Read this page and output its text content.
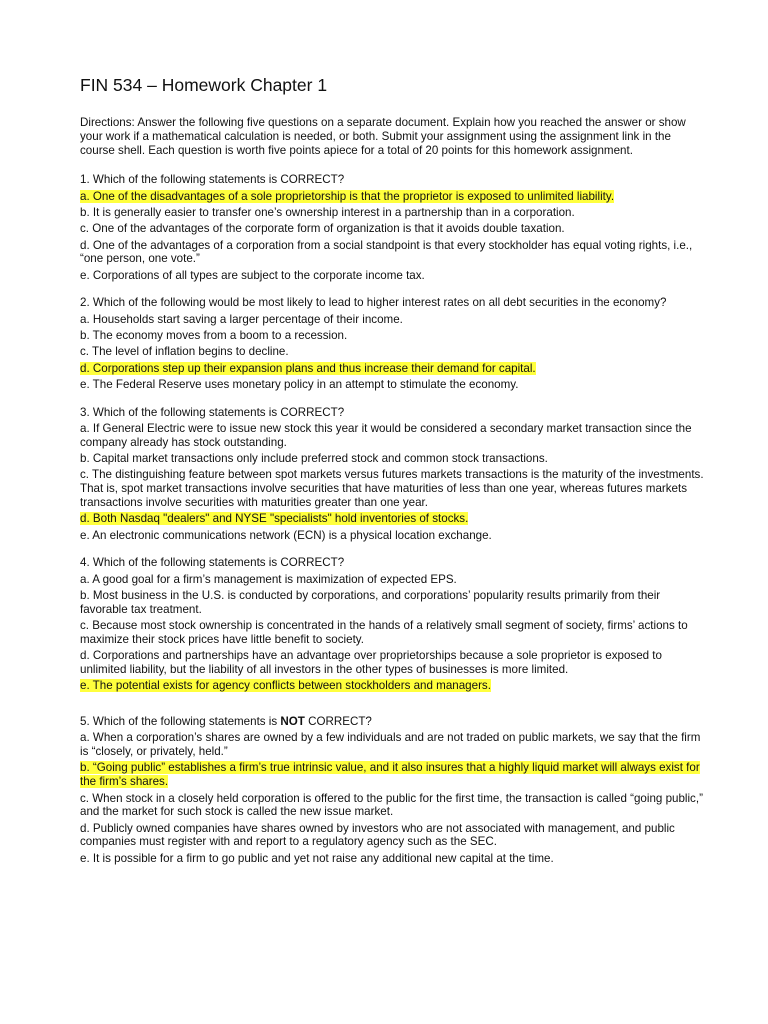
FIN 534 – Homework Chapter 1

Directions: Answer the following five questions on a separate document. Explain how you reached the answer or show your work if a mathematical calculation is needed, or both. Submit your assignment using the assignment link in the course shell. Each question is worth five points apiece for a total of 20 points for this homework assignment.

1. Which of the following statements is CORRECT?

a. One of the disadvantages of a sole proprietorship is that the proprietor is exposed to unlimited liability.

b. It is generally easier to transfer one’s ownership interest in a partnership than in a corporation.

c. One of the advantages of the corporate form of organization is that it avoids double taxation.

d. One of the advantages of a corporation from a social standpoint is that every stockholder has equal voting rights, i.e., “one person, one vote.”

e. Corporations of all types are subject to the corporate income tax.

2. Which of the following would be most likely to lead to higher interest rates on all debt securities in the economy?

a. Households start saving a larger percentage of their income.

b. The economy moves from a boom to a recession.

c. The level of inflation begins to decline.

d. Corporations step up their expansion plans and thus increase their demand for capital.

e. The Federal Reserve uses monetary policy in an attempt to stimulate the economy.

3. Which of the following statements is CORRECT?

a. If General Electric were to issue new stock this year it would be considered a secondary market transaction since the company already has stock outstanding.

b. Capital market transactions only include preferred stock and common stock transactions.

c. The distinguishing feature between spot markets versus futures markets transactions is the maturity of the investments. That is, spot market transactions involve securities that have maturities of less than one year, whereas futures markets transactions involve securities with maturities greater than one year.

d. Both Nasdaq "dealers" and NYSE "specialists" hold inventories of stocks.

e. An electronic communications network (ECN) is a physical location exchange.

4. Which of the following statements is CORRECT?

a. A good goal for a firm’s management is maximization of expected EPS.

b. Most business in the U.S. is conducted by corporations, and corporations’ popularity results primarily from their favorable tax treatment.

c. Because most stock ownership is concentrated in the hands of a relatively small segment of society, firms’ actions to maximize their stock prices have little benefit to society.

d. Corporations and partnerships have an advantage over proprietorships because a sole proprietor is exposed to unlimited liability, but the liability of all investors in the other types of businesses is more limited.

e. The potential exists for agency conflicts between stockholders and managers.

5. Which of the following statements is NOT CORRECT?

a. When a corporation’s shares are owned by a few individuals and are not traded on public markets, we say that the firm is “closely, or privately, held.”

b. “Going public” establishes a firm’s true intrinsic value, and it also insures that a highly liquid market will always exist for the firm’s shares.

c. When stock in a closely held corporation is offered to the public for the first time, the transaction is called “going public,” and the market for such stock is called the new issue market.

d. Publicly owned companies have shares owned by investors who are not associated with management, and public companies must register with and report to a regulatory agency such as the SEC.

e. It is possible for a firm to go public and yet not raise any additional new capital at the time.
